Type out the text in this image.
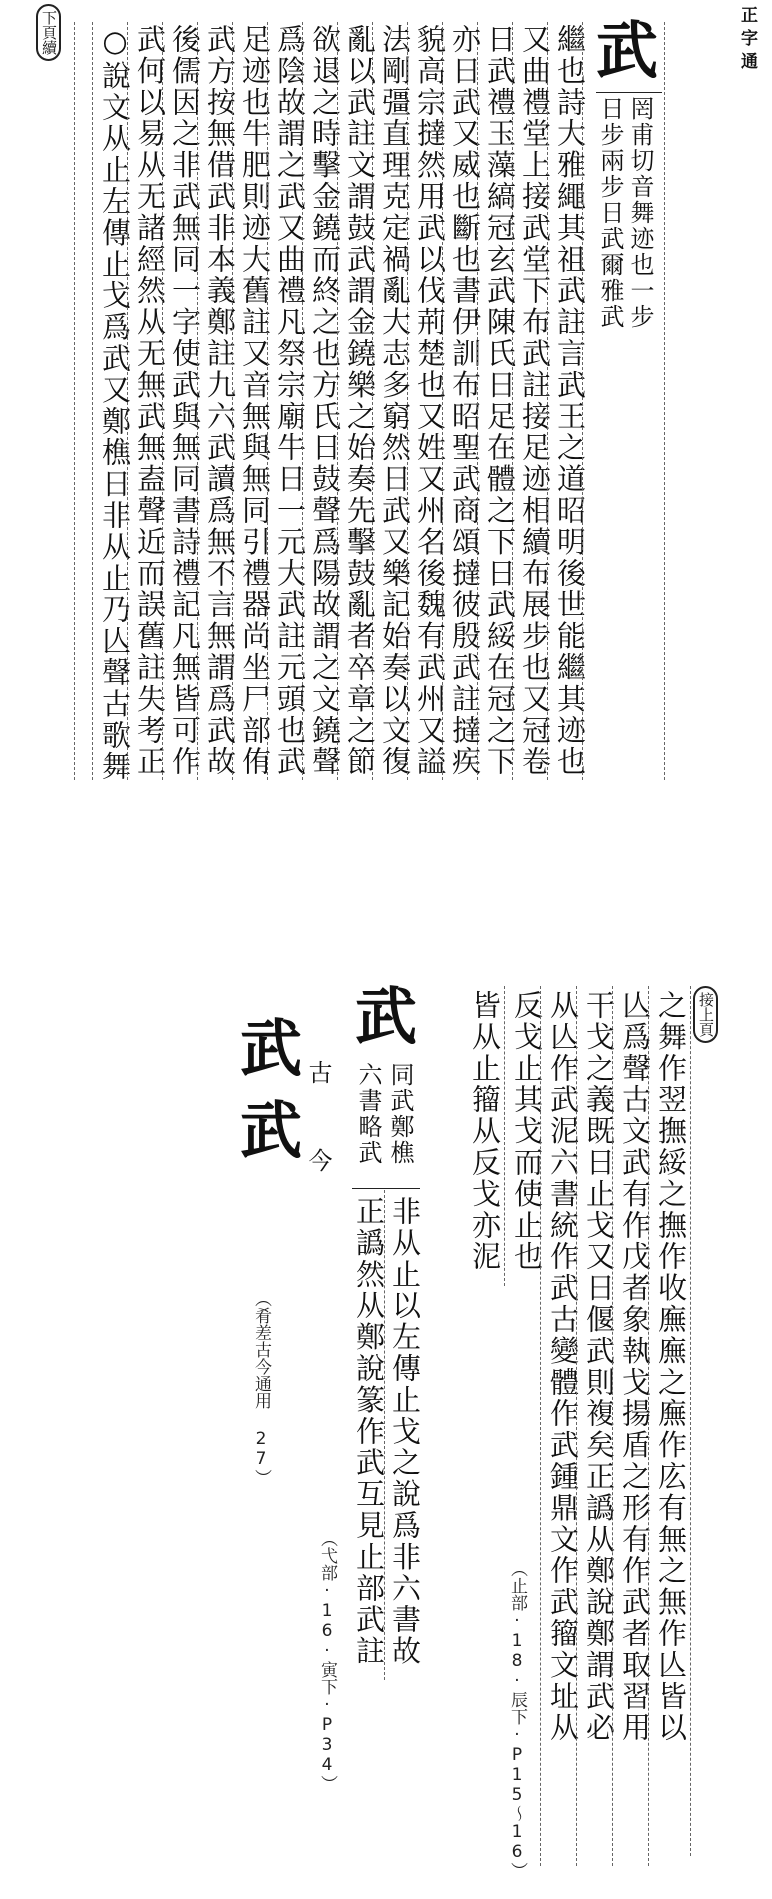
正字通
下頁續	武
罔甫切音舞迹也一步
日步兩步日武爾雅武
繼也詩大雅繩其祖武註言武王之道昭明後世能繼其迹也
又曲禮堂上接武堂下布武註接足迹相續布展步也又冠卷
日武禮玉藻縞冠玄武陳氏日足在體之下日武綏在冠之下
亦日武又威也斷也書伊訓布昭聖武商頌撻彼殷武註撻疾
貌高宗撻然用武以伐荊楚也又姓又州名後魏有武州又謚
法剛彊直理克定禍亂大志多窮然日武又樂記始奏以文復
亂以武註文謂鼓武謂金鐃樂之始奏先擊鼓亂者卒章之節
欲退之時擊金鐃而終之也方氏日鼓聲爲陽故謂之文鐃聲
爲陰故謂之武又曲禮凡祭宗廟牛日一元大武註元頭也武
足迹也牛肥則迹大舊註又音無與無同引禮器尚坐尸部侑
武方按無借武非本義鄭註九六武讀爲無不言無謂爲武故
後儒因之非武無同一字使武與無同書詩禮記凡無皆可作
武何以易从无諸經然从无無武無盍聲近而誤舊註失考正
○說文从止左傳止戈爲武又鄭樵日非从止乃亾聲古歌舞
接上頁
之舞作翌撫綏之撫作收廡廡之廡作庅有無之無作亾皆以
亾爲聲古文武有作戊者象執戈揚盾之形有作武者取習用
干戈之義既日止戈又日偃武則複矣正譌从鄭說鄭謂武必
从亾作武泥六書統作武古變體作武鍾鼎文作武籀文址从
反戈止其戈而使止也
皆从止籀从反戈亦泥
（止部·18·辰下·P15～16）
武
同武鄭樵
六書略武
非从止以左傳止戈之說爲非六書故
正譌然从鄭說篆作武互見止部武註
（弋部·16·寅下·P34）
武 古
武 今
（肴差古今通用 27）
